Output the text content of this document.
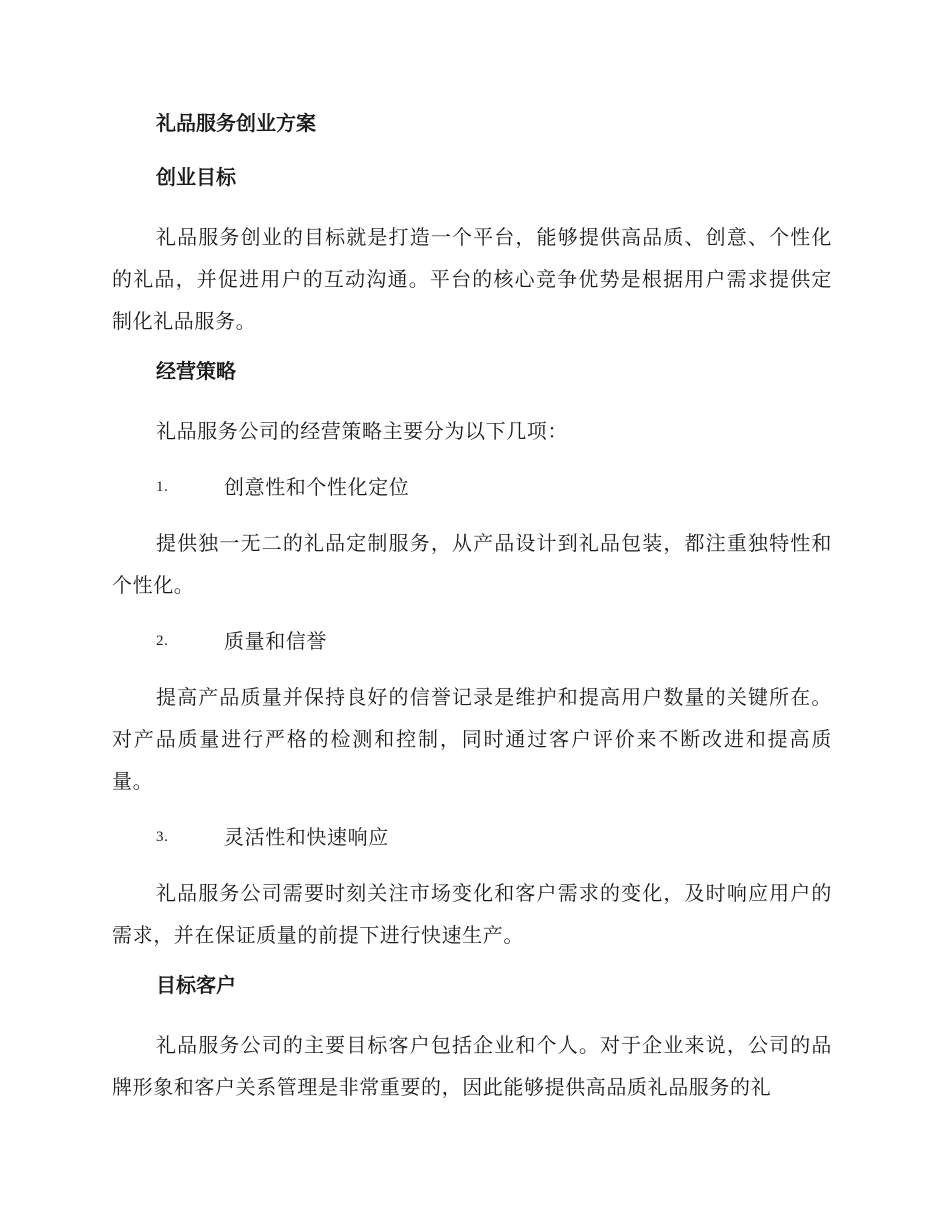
礼品服务创业方案
创业目标

礼品服务创业的目标就是打造一个平台，能够提供高品质、创意、个性化的礼品，并促进用户的互动沟通。平台的核心竞争优势是根据用户需求提供定制化礼品服务。

经营策略

礼品服务公司的经营策略主要分为以下几项：

1.	创意性和个性化定位

提供独一无二的礼品定制服务，从产品设计到礼品包装，都注重独特性和个性化。

2.	质量和信誉

提高产品质量并保持良好的信誉记录是维护和提高用户数量的关键所在。对产品质量进行严格的检测和控制，同时通过客户评价来不断改进和提高质量。

3.	灵活性和快速响应

礼品服务公司需要时刻关注市场变化和客户需求的变化，及时响应用户的需求，并在保证质量的前提下进行快速生产。

目标客户

礼品服务公司的主要目标客户包括企业和个人。对于企业来说，公司的品牌形象和客户关系管理是非常重要的，因此能够提供高品质礼品服务的礼
